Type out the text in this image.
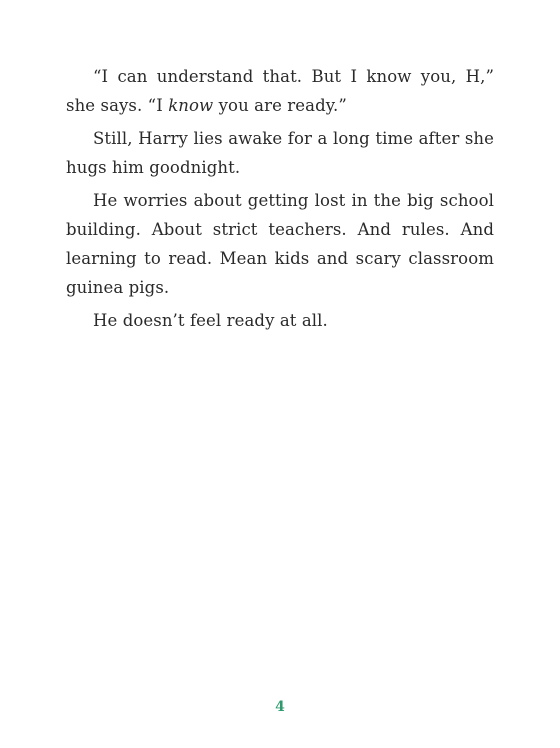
“I can understand that. But I know you, H,” she says. “I know you are ready.”

Still, Harry lies awake for a long time after she hugs him goodnight.

He worries about getting lost in the big school building. About strict teachers. And rules. And learning to read. Mean kids and scary classroom guinea pigs.

He doesn’t feel ready at all.

4
